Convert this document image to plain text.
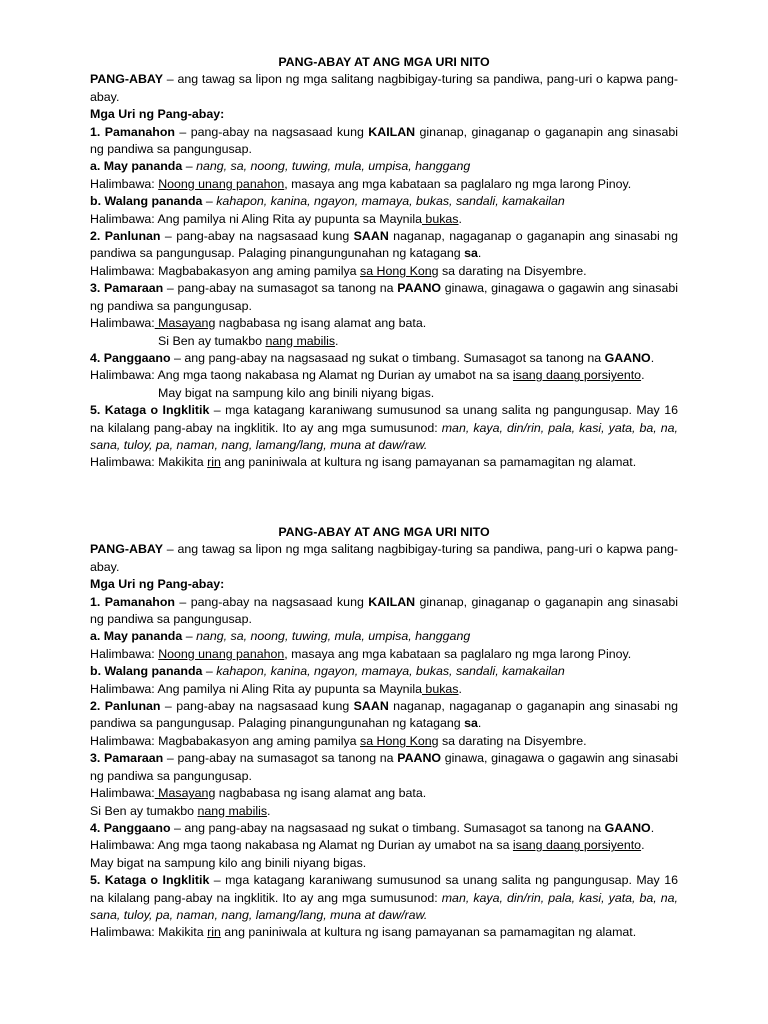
PANG-ABAY AT ANG MGA URI NITO

PANG-ABAY – ang tawag sa lipon ng mga salitang nagbibigay-turing sa pandiwa, pang-uri o kapwa pang-abay.

Mga Uri ng Pang-abay:

1. Pamanahon – pang-abay na nagsasaad kung KAILAN ginanap, ginaganap o gaganapin ang sinasabi ng pandiwa sa pangungusap.

a. May pananda – nang, sa, noong, tuwing, mula, umpisa, hanggang

Halimbawa: Noong unang panahon, masaya ang mga kabataan sa paglalaro ng mga larong Pinoy.

b. Walang pananda – kahapon, kanina, ngayon, mamaya, bukas, sandali, kamakailan

Halimbawa: Ang pamilya ni Aling Rita ay pupunta sa Maynila bukas.

2. Panlunan – pang-abay na nagsasaad kung SAAN naganap, nagaganap o gaganapin ang sinasabi ng pandiwa sa pangungusap. Palaging pinangungunahan ng katagang sa.

Halimbawa: Magbabakasyon ang aming pamilya sa Hong Kong sa darating na Disyembre.

3. Pamaraan – pang-abay na sumasagot sa tanong na PAANO ginawa, ginagawa o gagawin ang sinasabi ng pandiwa sa pangungusap.

Halimbawa: Masayang nagbabasa ng isang alamat ang bata.

Si Ben ay tumakbo nang mabilis.

4. Panggaano – ang pang-abay na nagsasaad ng sukat o timbang. Sumasagot sa tanong na GAANO.

Halimbawa: Ang mga taong nakabasa ng Alamat ng Durian ay umabot na sa isang daang porsiyento.

May bigat na sampung kilo ang binili niyang bigas.

5. Kataga o Ingklitik – mga katagang karaniwang sumusunod sa unang salita ng pangungusap. May 16 na kilalang pang-abay na ingklitik. Ito ay ang mga sumusunod: man, kaya, din/rin, pala, kasi, yata, ba, na, sana, tuloy, pa, naman, nang, lamang/lang, muna at daw/raw.

Halimbawa: Makikita rin ang paniniwala at kultura ng isang pamayanan sa pamamagitan ng alamat.

PANG-ABAY AT ANG MGA URI NITO

PANG-ABAY – ang tawag sa lipon ng mga salitang nagbibigay-turing sa pandiwa, pang-uri o kapwa pang-abay.

Mga Uri ng Pang-abay:

1. Pamanahon – pang-abay na nagsasaad kung KAILAN ginanap, ginaganap o gaganapin ang sinasabi ng pandiwa sa pangungusap.

a. May pananda – nang, sa, noong, tuwing, mula, umpisa, hanggang

Halimbawa: Noong unang panahon, masaya ang mga kabataan sa paglalaro ng mga larong Pinoy.

b. Walang pananda – kahapon, kanina, ngayon, mamaya, bukas, sandali, kamakailan

Halimbawa: Ang pamilya ni Aling Rita ay pupunta sa Maynila bukas.

2. Panlunan – pang-abay na nagsasaad kung SAAN naganap, nagaganap o gaganapin ang sinasabi ng pandiwa sa pangungusap. Palaging pinangungunahan ng katagang sa.

Halimbawa: Magbabakasyon ang aming pamilya sa Hong Kong sa darating na Disyembre.

3. Pamaraan – pang-abay na sumasagot sa tanong na PAANO ginawa, ginagawa o gagawin ang sinasabi ng pandiwa sa pangungusap.

Halimbawa: Masayang nagbabasa ng isang alamat ang bata.

Si Ben ay tumakbo nang mabilis.

4. Panggaano – ang pang-abay na nagsasaad ng sukat o timbang. Sumasagot sa tanong na GAANO.

Halimbawa: Ang mga taong nakabasa ng Alamat ng Durian ay umabot na sa isang daang porsiyento.

May bigat na sampung kilo ang binili niyang bigas.

5. Kataga o Ingklitik – mga katagang karaniwang sumusunod sa unang salita ng pangungusap. May 16 na kilalang pang-abay na ingklitik. Ito ay ang mga sumusunod: man, kaya, din/rin, pala, kasi, yata, ba, na, sana, tuloy, pa, naman, nang, lamang/lang, muna at daw/raw.

Halimbawa: Makikita rin ang paniniwala at kultura ng isang pamayanan sa pamamagitan ng alamat.
